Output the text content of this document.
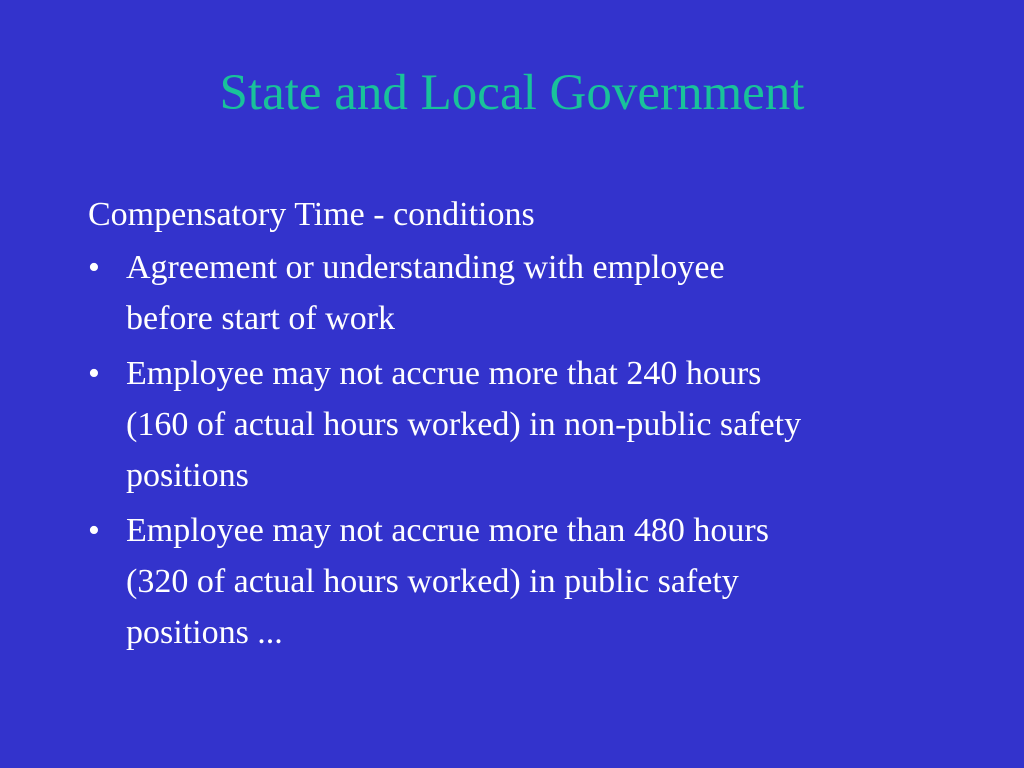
State and Local Government
Compensatory Time - conditions
• Agreement or understanding with employee
before start of work
• Employee may not accrue more that 240 hours
(160 of actual hours worked) in non-public safety
positions
• Employee may not accrue more than 480 hours
(320 of actual hours worked) in public safety
positions ...
